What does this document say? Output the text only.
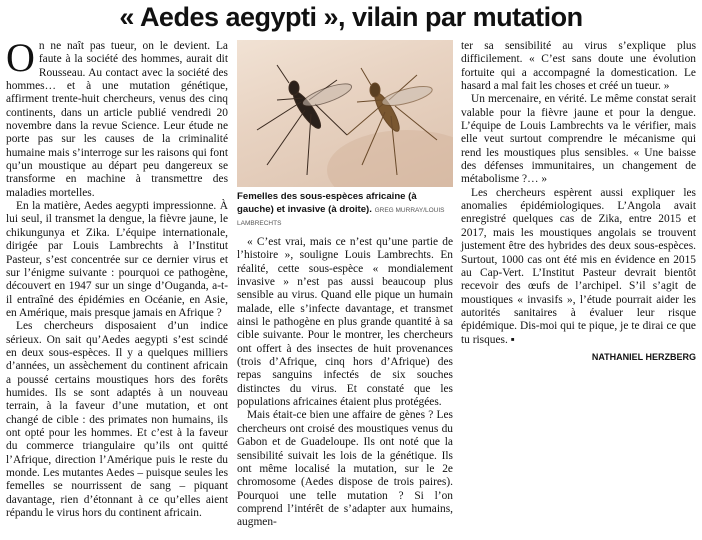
« Aedes aegypti », vilain par mutation

On ne naît pas tueur, on le devient. La faute à la société des hommes, aurait dit Rousseau. Au contact avec la société des hommes… et à une mutation génétique, affirment trente-huit chercheurs, venus des cinq continents, dans un article publié vendredi 20 novembre dans la revue Science. Leur étude ne porte pas sur les causes de la criminalité humaine mais s’interroge sur les raisons qui font qu’un moustique au départ peu dangereux se transforme en machine à transmettre des maladies mortelles.

En la matière, Aedes aegypti impressionne. À lui seul, il transmet la dengue, la fièvre jaune, le chikungunya et Zika. L’équipe internationale, dirigée par Louis Lambrechts à l’Institut Pasteur, s’est concentrée sur ce dernier virus et sur l’énigme suivante : pourquoi ce pathogène, découvert en 1947 sur un singe d’Ouganda, a-t-il entraîné des épidémies en Océanie, en Asie, en Amérique, mais presque jamais en Afrique ?

Les chercheurs disposaient d’un indice sérieux. On sait qu’Aedes aegypti s’est scindé en deux sous-espèces. Il y a quelques milliers d’années, un assèchement du continent africain a poussé certains moustiques hors des forêts humides. Ils se sont adaptés à un nouveau terrain, à la faveur d’une mutation, et ont changé de cible : des primates non humains, ils ont opté pour les hommes. Et c’est à la faveur du commerce triangulaire qu’ils ont quitté l’Afrique, direction l’Amérique puis le reste du monde. Les mutantes Aedes – puisque seules les femelles se nourrissent de sang – piquant davantage, rien d’étonnant à ce qu’elles aient répandu le virus hors du continent africain.

Femelles des sous-espèces africaine (à gauche) et invasive (à droite). GREG MURRAY/LOUIS LAMBRECHTS

« C’est vrai, mais ce n’est qu’une partie de l’histoire », souligne Louis Lambrechts. En réalité, cette sous-espèce « mondialement invasive » n’est pas aussi beaucoup plus sensible au virus. Quand elle pique un humain malade, elle s’infecte davantage, et transmet ainsi le pathogène en plus grande quantité à sa cible suivante. Pour le montrer, les chercheurs ont offert à des insectes de huit provenances (trois d’Afrique, cinq hors d’Afrique) des repas sanguins infectés de six souches distinctes du virus. Et constaté que les populations africaines étaient plus protégées.

Mais était-ce bien une affaire de gènes ? Les chercheurs ont croisé des moustiques venus du Gabon et de Guadeloupe. Ils ont noté que la sensibilité suivait les lois de la génétique. Ils ont même localisé la mutation, sur le 2e chromosome (Aedes dispose de trois paires). Pourquoi une telle mutation ? Si l’on comprend l’intérêt de s’adapter aux humains, augmen-

ter sa sensibilité au virus s’explique plus difficilement. « C’est sans doute une évolution fortuite qui a accompagné la domestication. Le hasard a mal fait les choses et créé un tueur. »

Un mercenaire, en vérité. Le même constat serait valable pour la fièvre jaune et pour la dengue. L’équipe de Louis Lambrechts va le vérifier, mais elle veut surtout comprendre le mécanisme qui rend les moustiques plus sensibles. « Une baisse des défenses immunitaires, un changement de métabolisme ?… »

Les chercheurs espèrent aussi expliquer les anomalies épidémiologiques. L’Angola avait enregistré quelques cas de Zika, entre 2015 et 2017, mais les moustiques angolais se trouvent justement être des hybrides des deux sous-espèces. Surtout, 1000 cas ont été mis en évidence en 2015 au Cap-Vert. L’Institut Pasteur devrait bientôt recevoir des œufs de l’archipel. S’il s’agit de moustiques « invasifs », l’étude pourrait aider les autorités sanitaires à évaluer leur risque épidémique. Dis-moi qui te pique, je te dirai ce que tu risques. ▪

NATHANIEL HERZBERG
